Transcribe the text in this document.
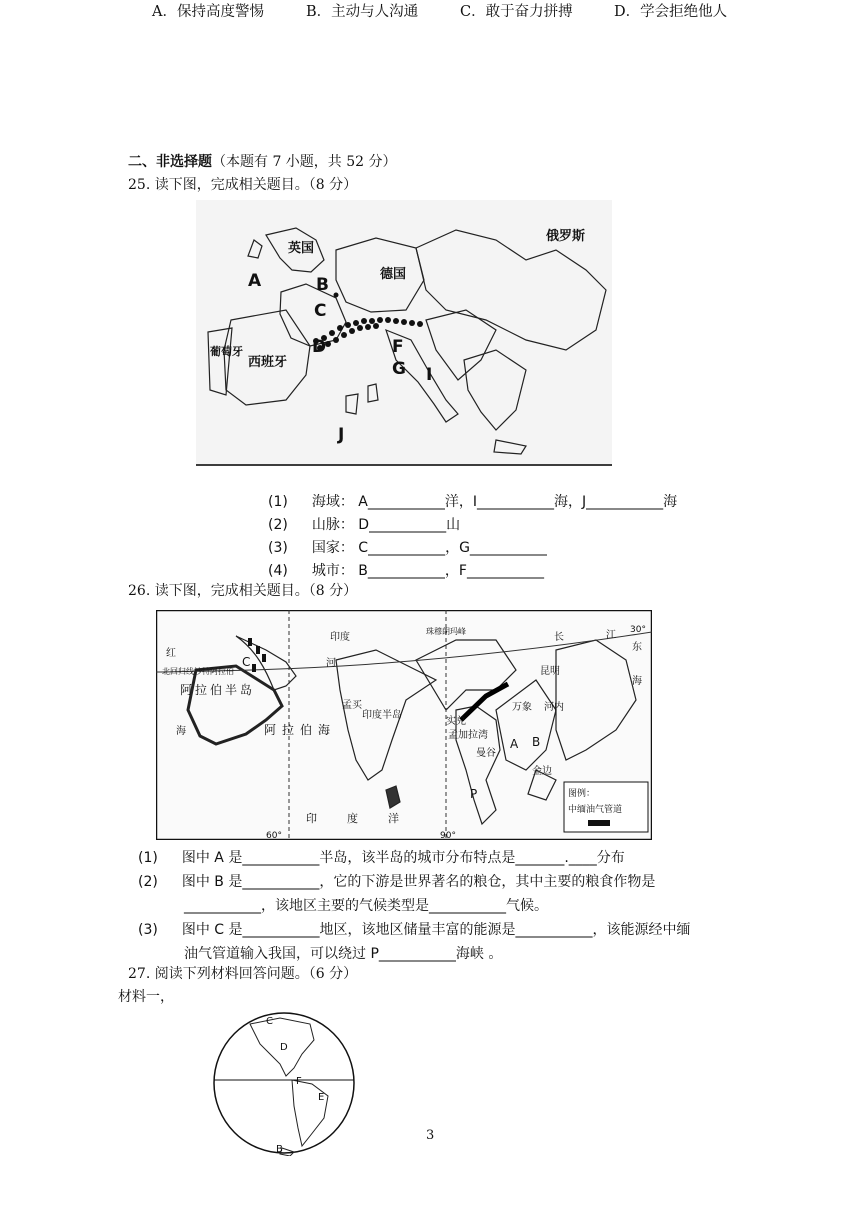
A．保持高度警惕	B．主动与人沟通	C．敢于奋力拼搏	D．学会拒绝他人
二、非选择题（本题有 7 小题，共 52 分）
25. 读下图，完成相关题目。（8 分）
英国
俄罗斯
德国
西班牙
葡萄牙
A	B
C
D	F
G I
J
(1) 海域： A___________洋，I___________海，J___________海
(2) 山脉： D___________山
(3) 国家： C___________，G___________
(4) 城市： B___________，F___________
26. 读下图，完成相关题目。（8 分）
红
海
北回归线沙特阿拉伯
阿拉伯半岛
阿拉伯海
印度半岛
孟买
孟加拉湾
实兑
印度洋
印度
河
珠穆朗玛峰
长	江
东
海
昆明
河内
万象
金边
曼谷
C
A B
P
30°
60°	90°
图例：
中缅油气管道
(1) 图中 A 是___________半岛，该半岛的城市分布特点是_______.____分布
(2) 图中 B 是___________，它的下游是世界著名的粮仓，其中主要的粮食作物是
___________，该地区主要的气候类型是___________气候。
(3) 图中 C 是___________地区，该地区储量丰富的能源是___________，该能源经中缅
油气管道输入我国，可以绕过 P___________海峡 。
27. 阅读下列材料回答问题。（6 分）
材料一，
C
D
E
F
B
3
